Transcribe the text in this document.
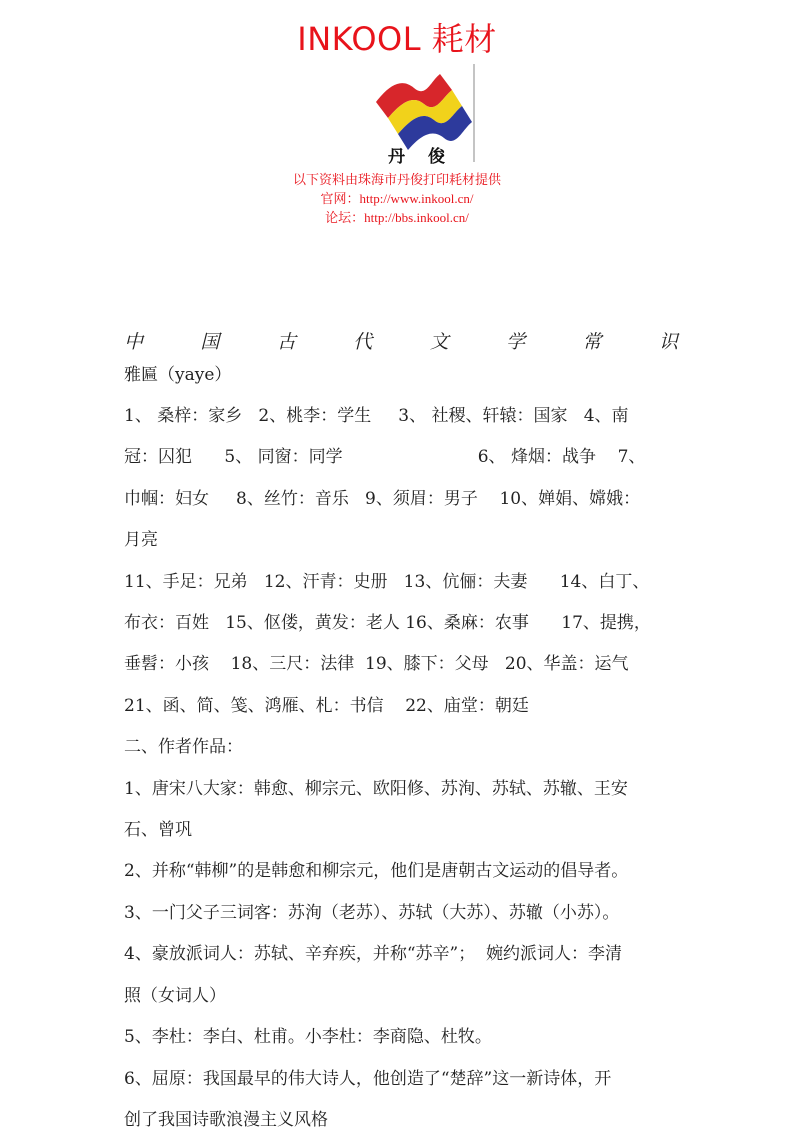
INKOOL 耗材
丹 俊
以下资料由珠海市丹俊打印耗材提供
官网：http://www.inkool.cn/
论坛：http://bbs.inkool.cn/
中	国	古	代	文	学	常	识
雅匾（yaye）
1、 桑梓：家乡   2、桃李：学生     3、 社稷、轩辕：国家   4、南
冠：囚犯      5、 同窗：同学                         6、 烽烟：战争    7、
巾帼：妇女     8、丝竹：音乐   9、须眉：男子    10、婵娟、嫦娥：
月亮
11、手足：兄弟   12、汗青：史册   13、伉俪：夫妻      14、白丁、
布衣：百姓   15、伛偻，黄发：老人 16、桑麻：农事      17、提携，
垂髫：小孩    18、三尺：法律  19、膝下：父母   20、华盖：运气
21、函、简、笺、鸿雁、札：书信    22、庙堂：朝廷
二、作者作品：
1、唐宋八大家：韩愈、柳宗元、欧阳修、苏洵、苏轼、苏辙、王安
石、曾巩
2、并称“韩柳”的是韩愈和柳宗元，他们是唐朝古文运动的倡导者。
3、一门父子三词客：苏洵（老苏）、苏轼（大苏）、苏辙（小苏）。
4、豪放派词人：苏轼、辛弃疾，并称“苏辛”；  婉约派词人：李清
照（女词人）
5、李杜：李白、杜甫。小李杜：李商隐、杜牧。
6、屈原：我国最早的伟大诗人，他创造了“楚辞”这一新诗体，开
创了我国诗歌浪漫主义风格
